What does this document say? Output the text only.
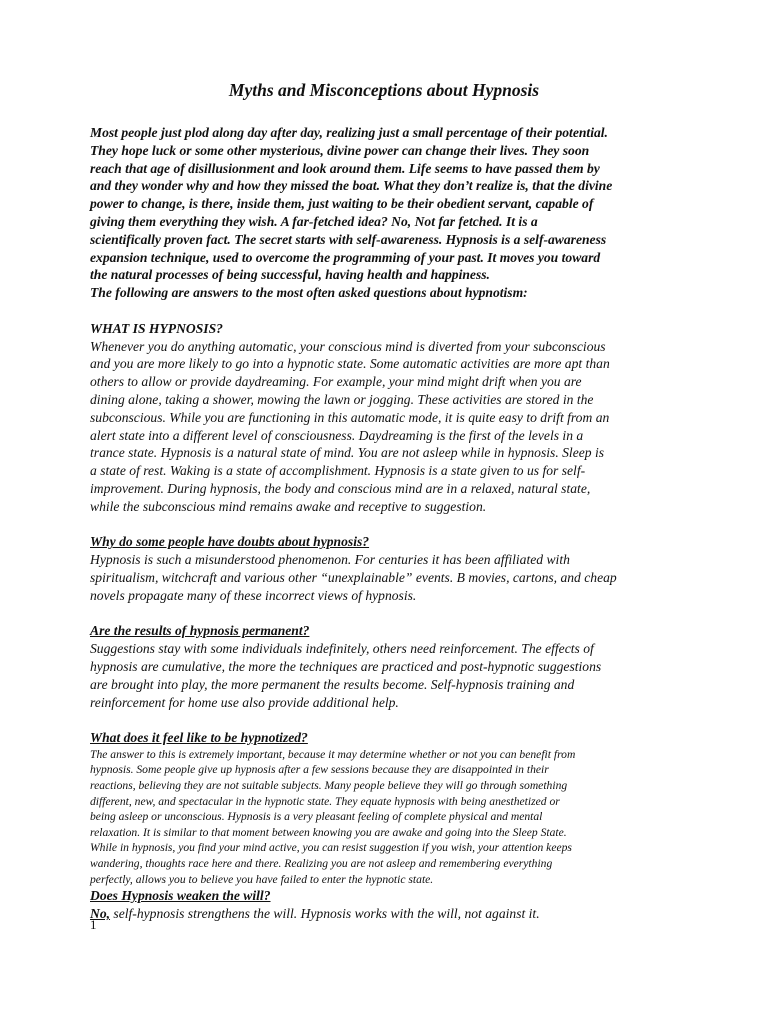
Myths and Misconceptions about Hypnosis

Most people just plod along day after day, realizing just a small percentage of their potential.
They hope luck or some other mysterious, divine power can change their lives. They soon
reach that age of disillusionment and look around them. Life seems to have passed them by
and they wonder why and how they missed the boat. What they don’t realize is, that the divine
power to change, is there, inside them, just waiting to be their obedient servant, capable of
giving them everything they wish. A far-fetched idea? No, Not far fetched. It is a
scientifically proven fact. The secret starts with self-awareness. Hypnosis is a self-awareness
expansion technique, used to overcome the programming of your past. It moves you toward
the natural processes of being successful, having health and happiness.

The following are answers to the most often asked questions about hypnotism:

WHAT IS HYPNOSIS?

Whenever you do anything automatic, your conscious mind is diverted from your subconscious
and you are more likely to go into a hypnotic state. Some automatic activities are more apt than
others to allow or provide daydreaming. For example, your mind might drift when you are
dining alone, taking a shower, mowing the lawn or jogging. These activities are stored in the
subconscious. While you are functioning in this automatic mode, it is quite easy to drift from an
alert state into a different level of consciousness. Daydreaming is the first of the levels in a
trance state. Hypnosis is a natural state of mind. You are not asleep while in hypnosis. Sleep is
a state of rest. Waking is a state of accomplishment. Hypnosis is a state given to us for self-
improvement. During hypnosis, the body and conscious mind are in a relaxed, natural state,
while the subconscious mind remains awake and receptive to suggestion.

Why do some people have doubts about hypnosis?

Hypnosis is such a misunderstood phenomenon. For centuries it has been affiliated with
spiritualism, witchcraft and various other “unexplainable” events. B movies, cartons, and cheap
novels propagate many of these incorrect views of hypnosis.

Are the results of hypnosis permanent?

Suggestions stay with some individuals indefinitely, others need reinforcement. The effects of
hypnosis are cumulative, the more the techniques are practiced and post-hypnotic suggestions
are brought into play, the more permanent the results become. Self-hypnosis training and
reinforcement for home use also provide additional help.

What does it feel like to be hypnotized?

The answer to this is extremely important, because it may determine whether or not you can benefit from
hypnosis. Some people give up hypnosis after a few sessions because they are disappointed in their
reactions, believing they are not suitable subjects. Many people believe they will go through something
different, new, and spectacular in the hypnotic state. They equate hypnosis with being anesthetized or
being asleep or unconscious. Hypnosis is a very pleasant feeling of complete physical and mental
relaxation. It is similar to that moment between knowing you are awake and going into the Sleep State.
While in hypnosis, you find your mind active, you can resist suggestion if you wish, your attention keeps
wandering, thoughts race here and there. Realizing you are not asleep and remembering everything
perfectly, allows you to believe you have failed to enter the hypnotic state.

Does Hypnosis weaken the will?

No, self-hypnosis strengthens the will. Hypnosis works with the will, not against it.

1
